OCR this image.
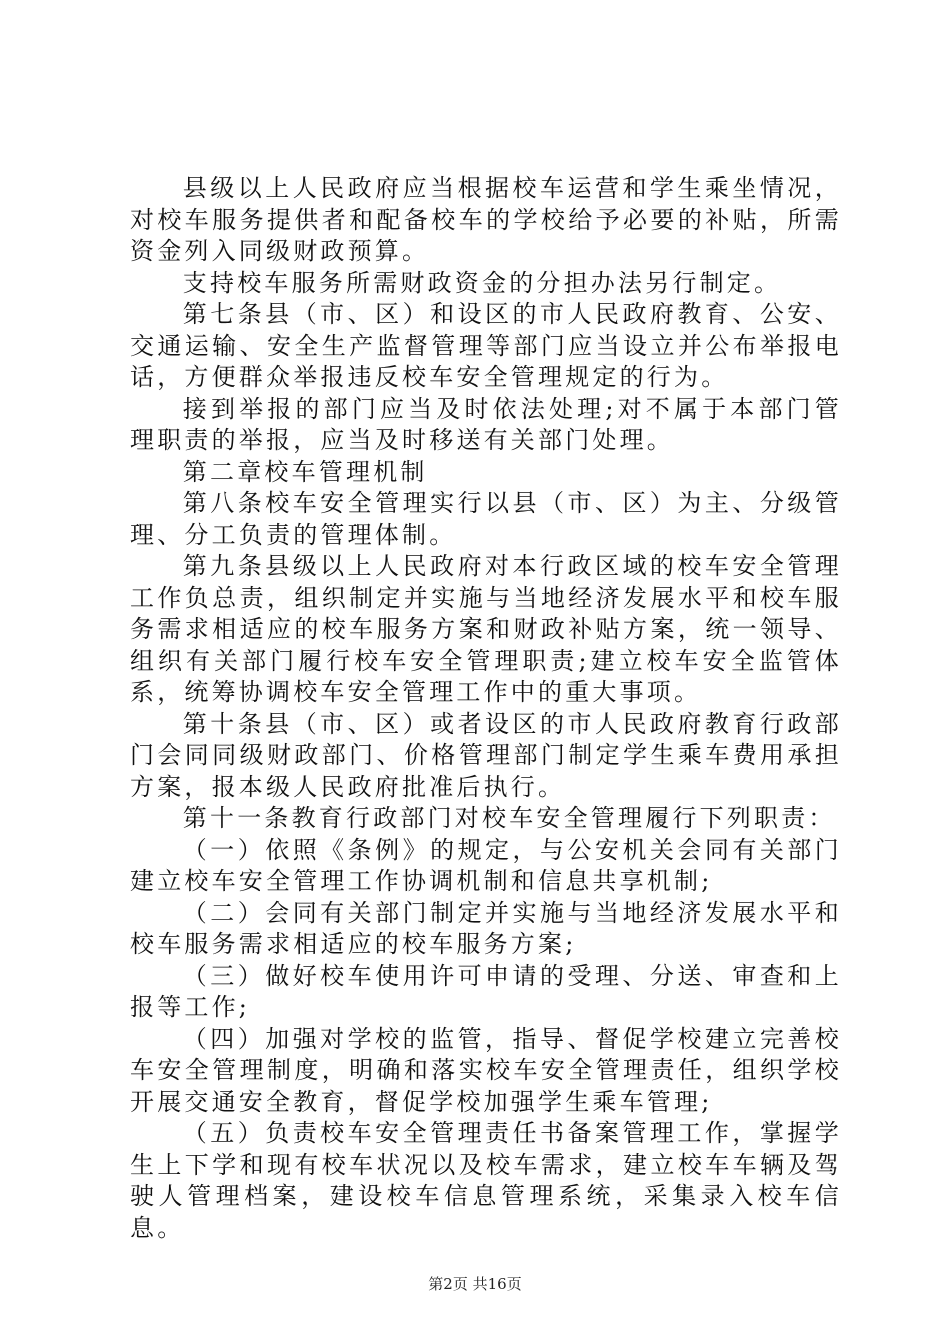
县级以上人民政府应当根据校车运营和学生乘坐情况，对校车服务提供者和配备校车的学校给予必要的补贴，所需资金列入同级财政预算。

支持校车服务所需财政资金的分担办法另行制定。

第七条县（市、区）和设区的市人民政府教育、公安、交通运输、安全生产监督管理等部门应当设立并公布举报电话，方便群众举报违反校车安全管理规定的行为。

接到举报的部门应当及时依法处理;对不属于本部门管理职责的举报，应当及时移送有关部门处理。

第二章校车管理机制

第八条校车安全管理实行以县（市、区）为主、分级管理、分工负责的管理体制。

第九条县级以上人民政府对本行政区域的校车安全管理工作负总责，组织制定并实施与当地经济发展水平和校车服务需求相适应的校车服务方案和财政补贴方案，统一领导、组织有关部门履行校车安全管理职责;建立校车安全监管体系，统筹协调校车安全管理工作中的重大事项。

第十条县（市、区）或者设区的市人民政府教育行政部门会同同级财政部门、价格管理部门制定学生乘车费用承担方案，报本级人民政府批准后执行。

第十一条教育行政部门对校车安全管理履行下列职责：

（一）依照《条例》的规定，与公安机关会同有关部门建立校车安全管理工作协调机制和信息共享机制;

（二）会同有关部门制定并实施与当地经济发展水平和校车服务需求相适应的校车服务方案;

（三）做好校车使用许可申请的受理、分送、审查和上报等工作;

（四）加强对学校的监管，指导、督促学校建立完善校车安全管理制度，明确和落实校车安全管理责任，组织学校开展交通安全教育，督促学校加强学生乘车管理;

（五）负责校车安全管理责任书备案管理工作，掌握学生上下学和现有校车状况以及校车需求，建立校车车辆及驾驶人管理档案，建设校车信息管理系统，采集录入校车信息。

第2页 共16页
